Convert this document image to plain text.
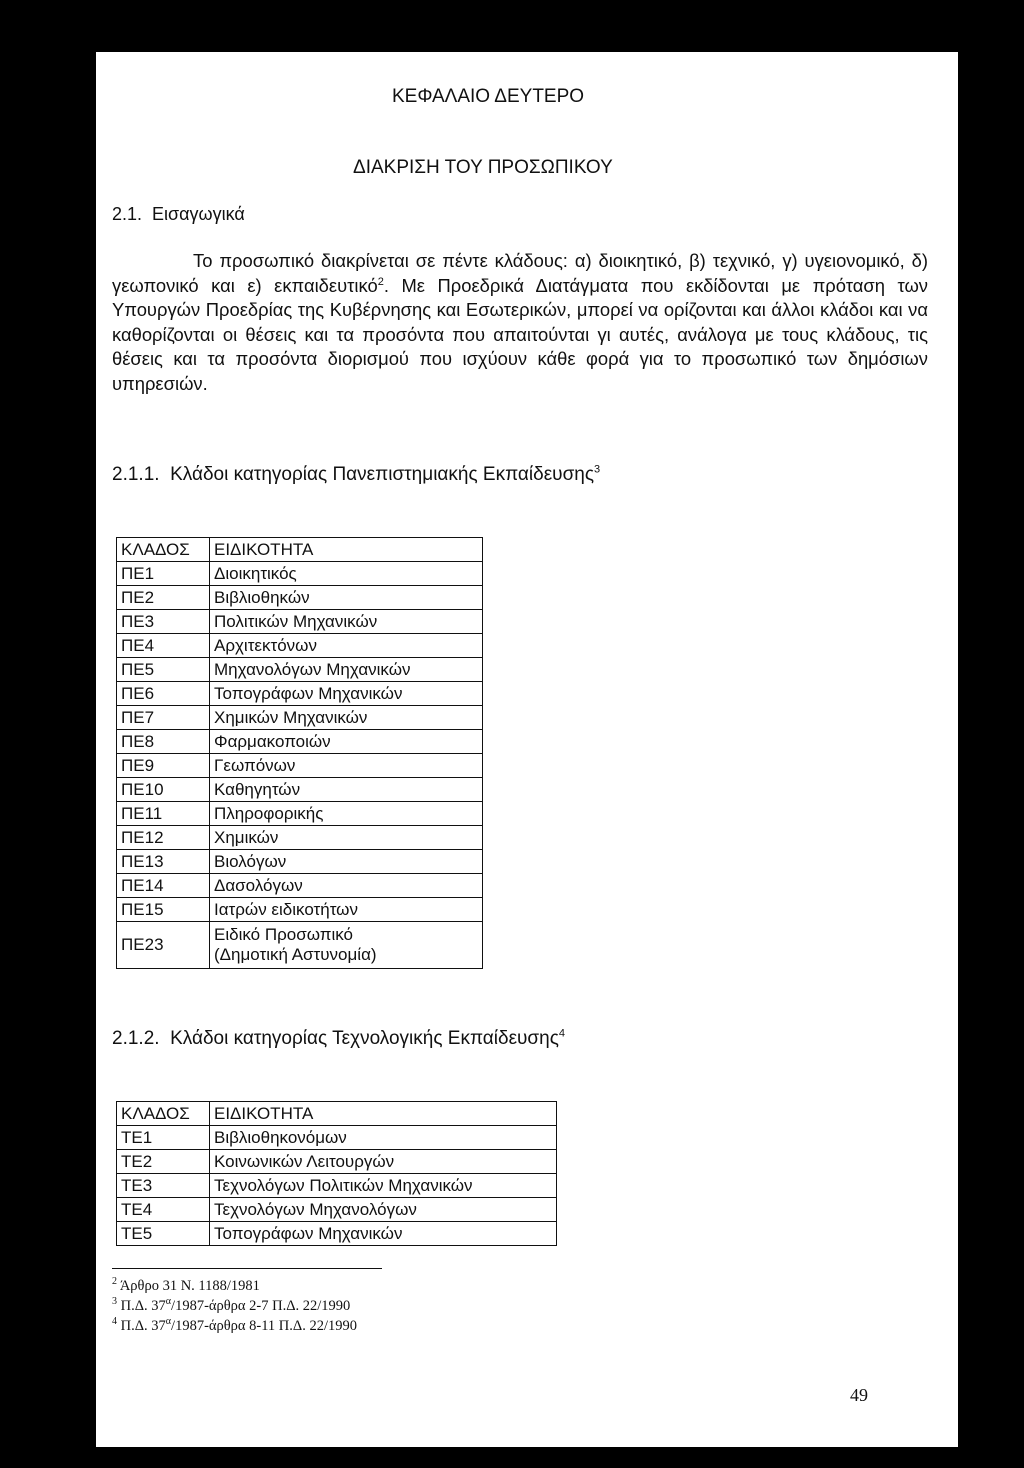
ΚΕΦΑΛΑΙΟ ΔΕΥΤΕΡΟ
ΔΙΑΚΡΙΣΗ ΤΟΥ ΠΡΟΣΩΠΙΚΟΥ
2.1.  Εισαγωγικά

Το προσωπικό διακρίνεται σε πέντε κλάδους: α) διοικητικό, β) τεχνικό, γ) υγειονομικό, δ) γεωπονικό και ε) εκπαιδευτικό$^2$. Με Προεδρικά Διατάγματα που εκδίδονται με πρόταση των Υπουργών Προεδρίας της Κυβέρνησης και Εσωτερικών, μπορεί να ορίζονται και άλλοι κλάδοι και να καθορίζονται οι θέσεις και τα προσόντα που απαιτούνται γι αυτές, ανάλογα με τους κλάδους, τις θέσεις και τα προσόντα διορισμού που ισχύουν κάθε φορά για το προσωπικό των δημόσιων υπηρεσιών.

2.1.1.  Κλάδοι κατηγορίας Πανεπιστημιακής Εκπαίδευσης$^3$
ΚΛΑΔΟΣ	ΕΙΔΙΚΟΤΗΤΑ
ΠΕ1	Διοικητικός
ΠΕ2	Βιβλιοθηκών
ΠΕ3	Πολιτικών Μηχανικών
ΠΕ4	Αρχιτεκτόνων
ΠΕ5	Μηχανολόγων Μηχανικών
ΠΕ6	Τοπογράφων Μηχανικών
ΠΕ7	Χημικών Μηχανικών
ΠΕ8	Φαρμακοποιών
ΠΕ9	Γεωπόνων
ΠΕ10	Καθηγητών
ΠΕ11	Πληροφορικής
ΠΕ12	Χημικών
ΠΕ13	Βιολόγων
ΠΕ14	Δασολόγων
ΠΕ15	Ιατρών ειδικοτήτων
ΠΕ23	Ειδικό Προσωπικό
(Δημοτική Αστυνομία)
2.1.2.  Κλάδοι κατηγορίας Τεχνολογικής Εκπαίδευσης$^4$
ΚΛΑΔΟΣ	ΕΙΔΙΚΟΤΗΤΑ
ΤΕ1	Βιβλιοθηκονόμων
ΤΕ2	Κοινωνικών Λειτουργών
ΤΕ3	Τεχνολόγων Πολιτικών Μηχανικών
ΤΕ4	Τεχνολόγων Μηχανολόγων
ΤΕ5	Τοπογράφων Μηχανικών
$^2$ Άρθρο 31 Ν. 1188/1981
$^3$ Π.Δ. $37^\alpha/1987$-άρθρα 2-7 Π.Δ. 22/1990
$^4$ Π.Δ. $37^\alpha/1987$-άρθρα 8-11 Π.Δ. 22/1990
49
